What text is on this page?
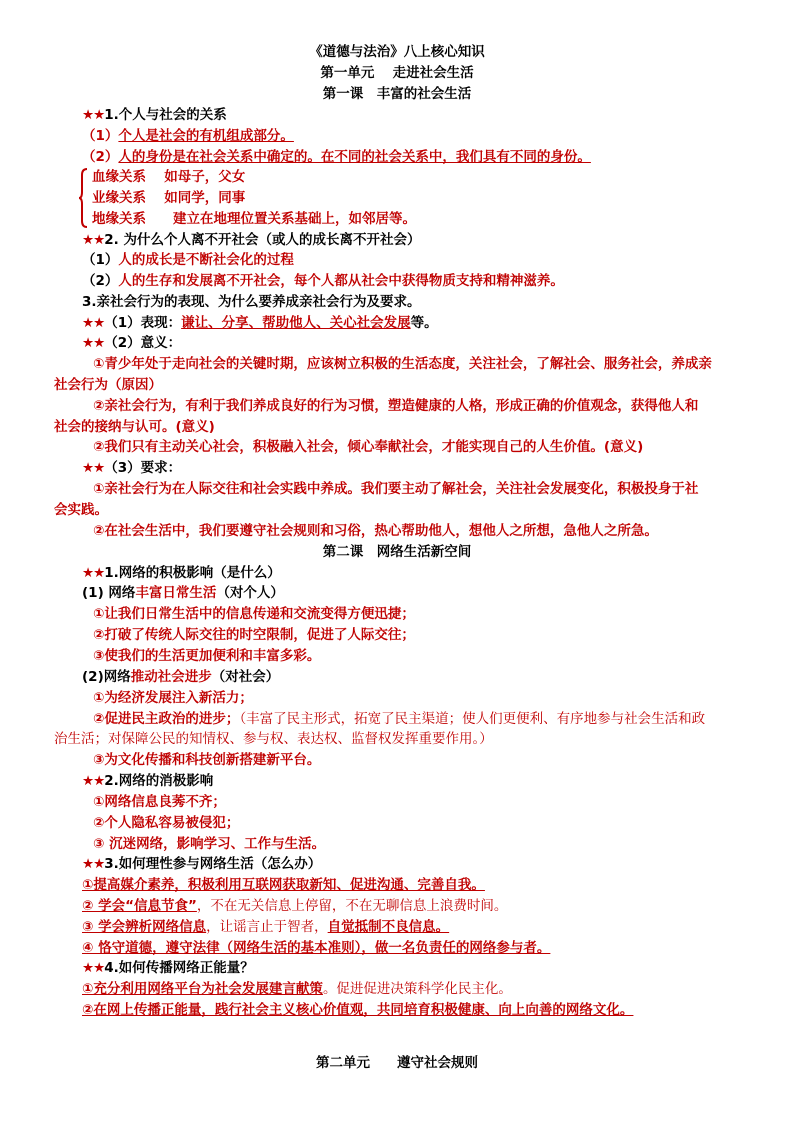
《道德与法治》八上核心知识
第一单元　 走进社会生活
第一课　丰富的社会生活
★★1.个人与社会的关系
（1）个人是社会的有机组成部分。
（2）人的身份是在社会关系中确定的。在不同的社会关系中，我们具有不同的身份。
血缘关系　 如母子，父女
业缘关系　 如同学，同事
地缘关系　　建立在地理位置关系基础上，如邻居等。
★★2. 为什么个人离不开社会（或人的成长离不开社会）
（1）人的成长是不断社会化的过程
（2）人的生存和发展离不开社会，每个人都从社会中获得物质支持和精神滋养。
3.亲社会行为的表现、为什么要养成亲社会行为及要求。
★★（1）表现：谦让、分享、帮助他人、关心社会发展等。
★★（2）意义：
①青少年处于走向社会的关键时期，应该树立积极的生活态度，关注社会，了解社会、服务社会，养成亲
社会行为（原因）
②亲社会行为，有利于我们养成良好的行为习惯，塑造健康的人格，形成正确的价值观念，获得他人和
社会的接纳与认可。(意义)
②我们只有主动关心社会，积极融入社会，倾心奉献社会，才能实现自己的人生价值。(意义)
★★（3）要求：
①亲社会行为在人际交往和社会实践中养成。我们要主动了解社会，关注社会发展变化，积极投身于社
会实践。
②在社会生活中，我们要遵守社会规则和习俗，热心帮助他人，想他人之所想，急他人之所急。
第二课　网络生活新空间
★★1.网络的积极影响（是什么）
(1) 网络丰富日常生活（对个人）
①让我们日常生活中的信息传递和交流变得方便迅捷；
②打破了传统人际交往的时空限制，促进了人际交往；
③使我们的生活更加便利和丰富多彩。
(2)网络推动社会进步（对社会）
①为经济发展注入新活力；
②促进民主政治的进步；（丰富了民主形式，拓宽了民主渠道；使人们更便利、有序地参与社会生活和政
治生活；对保障公民的知情权、参与权、表达权、监督权发挥重要作用。）
③为文化传播和科技创新搭建新平台。
★★2.网络的消极影响
①网络信息良莠不齐；
②个人隐私容易被侵犯；
③ 沉迷网络，影响学习、工作与生活。
★★3.如何理性参与网络生活（怎么办）
①提高媒介素养，积极利用互联网获取新知、促进沟通、完善自我。
② 学会“信息节食”，不在无关信息上停留，不在无聊信息上浪费时间。
③ 学会辨析网络信息，让谣言止于智者，自觉抵制不良信息。
④ 恪守道德，遵守法律（网络生活的基本准则），做一名负责任的网络参与者。
★★4.如何传播网络正能量？
①充分利用网络平台为社会发展建言献策。促进促进决策科学化民主化。
②在网上传播正能量，践行社会主义核心价值观，共同培育积极健康、向上向善的网络文化。
第二单元　　遵守社会规则
